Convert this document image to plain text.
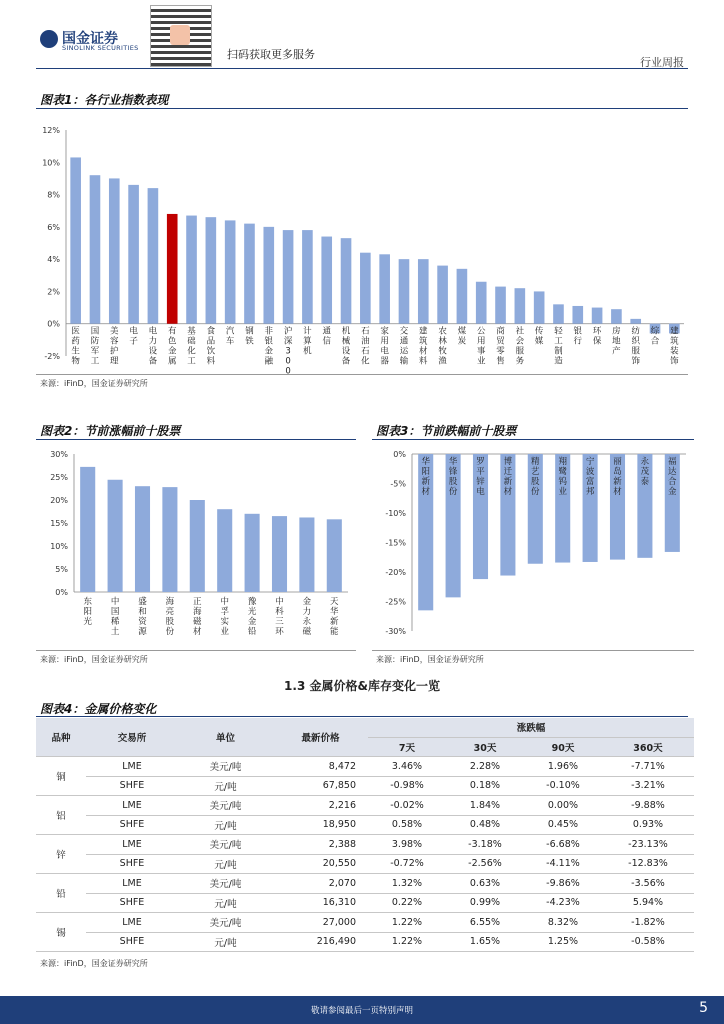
国金证券
SINOLINK SECURITIES	扫码获取更多服务
行业周报
图表1：各行业指数表现
-2%
0%
2%
4%
6%
8%
10%
12%
医药生物
国防军工
美容护理
电子
电力设备
有色金属
基础化工
食品饮料
汽车
钢铁
非银金融
沪深 3 0 0
计算机
通信
机械设备
石油石化
家用电器
交通运输
建筑材料
农林牧渔
煤炭
公用事业
商贸零售
社会服务
传媒
轻工制造
银行
环保
房地产
纺织服饰
综合
建筑装饰
来源：iFinD，国金证券研究所
图表2：节前涨幅前十股票	图表3：节前跌幅前十股票
0%
5%
10%
15%
20%
25%
30%
东阳光
中国稀土
盛和资源
海亮股份
正海磁材
中孚实业
豫光金铅
中科三环
金力永磁
天华新能
0%
-5%
-10%
-15%
-20%
-25%
-30%
华阳新材
华锋股份
罗平锌电
博迁新材
精艺股份
翔鹭钨业
宁波富邦
丽岛新材
永茂泰
福达合金
来源：iFinD，国金证券研究所	来源：iFinD，国金证券研究所
1.3 金属价格&库存变化一览
图表4：金属价格变化
品种	交易所	单位	最新价格	涨跌幅			
				7天	30天	90天	360天
铜	LME	美元/吨	8,472	3.46%	2.28%	1.96%	-7.71%
	SHFE	元/吨	67,850	-0.98%	0.18%	-0.10%	-3.21%
铝	LME	美元/吨	2,216	-0.02%	1.84%	0.00%	-9.88%
	SHFE	元/吨	18,950	0.58%	0.48%	0.45%	0.93%
锌	LME	美元/吨	2,388	3.98%	-3.18%	-6.68%	-23.13%
	SHFE	元/吨	20,550	-0.72%	-2.56%	-4.11%	-12.83%
铅	LME	美元/吨	2,070	1.32%	0.63%	-9.86%	-3.56%
	SHFE	元/吨	16,310	0.22%	0.99%	-4.23%	5.94%
锡	LME	美元/吨	27,000	1.22%	6.55%	8.32%	-1.82%
	SHFE	元/吨	216,490	1.22%	1.65%	1.25%	-0.58%
来源：iFinD，国金证券研究所
敬请参阅最后一页特别声明	5
